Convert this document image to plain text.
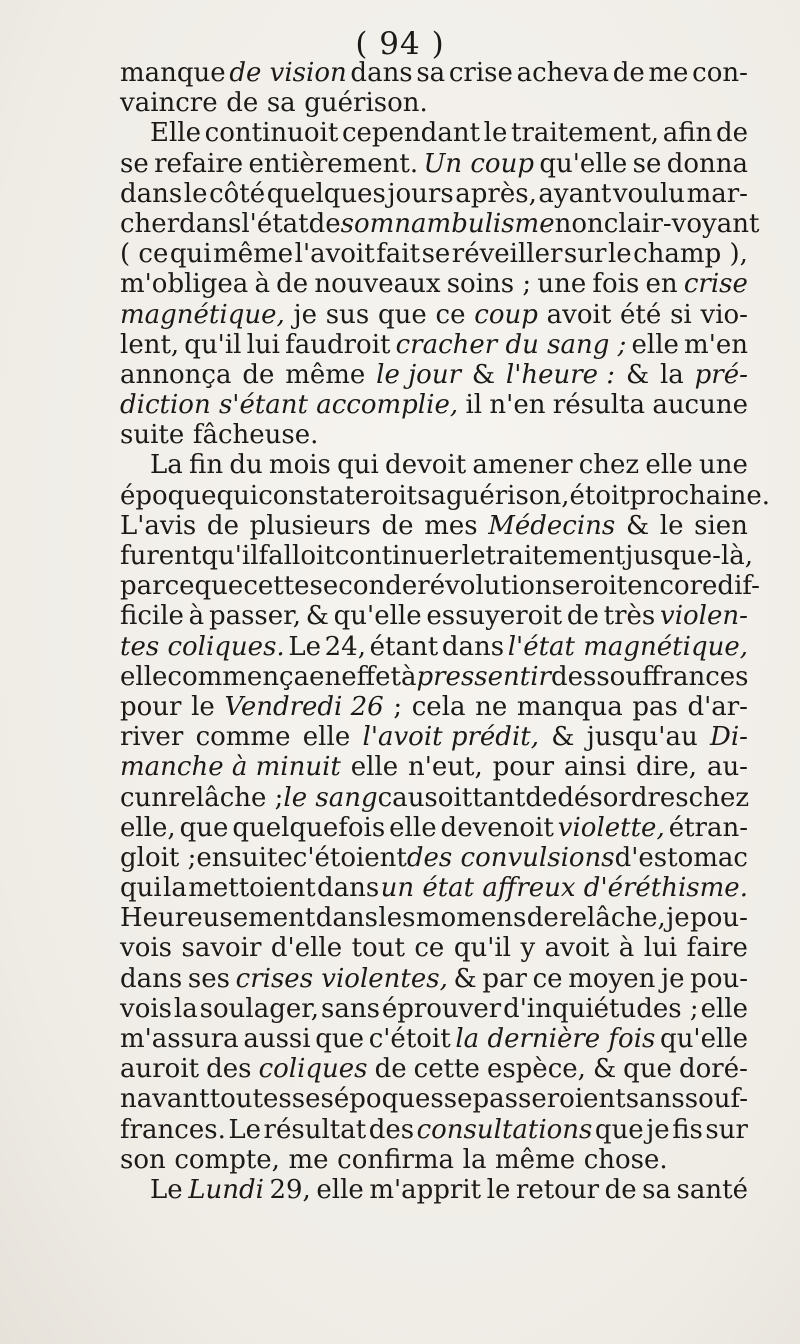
( 94 )
manque de vision dans sa crise acheva de me con-
vaincre de sa guérison.
Elle continuoit cependant le traitement, afin de
se refaire entièrement. Un coup qu'elle se donna
dans le côté quelques jours après, ayant voulu mar-
cher dans l'état de somnambulisme non clair-voyant
( ce qui même l'avoit fait se réveiller sur le champ ),
m'obligea à de nouveaux soins ; une fois en crise
magnétique, je sus que ce coup avoit été si vio-
lent, qu'il lui faudroit cracher du sang ; elle m'en
annonça de même le jour & l'heure : & la pré-
diction s'étant accomplie, il n'en résulta aucune
suite fâcheuse.
La fin du mois qui devoit amener chez elle une
époque qui constateroit sa guérison, étoit prochaine.
L'avis de plusieurs de mes Médecins & le sien
furent qu'il falloit continuer le traitement jusque-là,
parce que cette seconde révolution seroit encore dif-
ficile à passer, & qu'elle essuyeroit de très violen-
tes coliques. Le 24, étant dans l'état magnétique,
elle commença en effet à pressentir des souffrances
pour le Vendredi 26 ; cela ne manqua pas d'ar-
river comme elle l'avoit prédit, & jusqu'au Di-
manche à minuit elle n'eut, pour ainsi dire, au-
cun relâche ; le sang causoit tant de désordres chez
elle, que quelquefois elle devenoit violette, étran-
gloit ; ensuite c'étoient des convulsions d'estomac
qui la mettoient dans un état affreux d'éréthisme.
Heureusement dans les momens de relâche, je pou-
vois savoir d'elle tout ce qu'il y avoit à lui faire
dans ses crises violentes, & par ce moyen je pou-
vois la soulager, sans éprouver d'inquiétudes ; elle
m'assura aussi que c'étoit la dernière fois qu'elle
auroit des coliques de cette espèce, & que doré-
navant toutes ses époques se passeroient sans souf-
frances. Le résultat des consultations que je fis sur
son compte, me confirma la même chose.
Le Lundi 29, elle m'apprit le retour de sa santé
